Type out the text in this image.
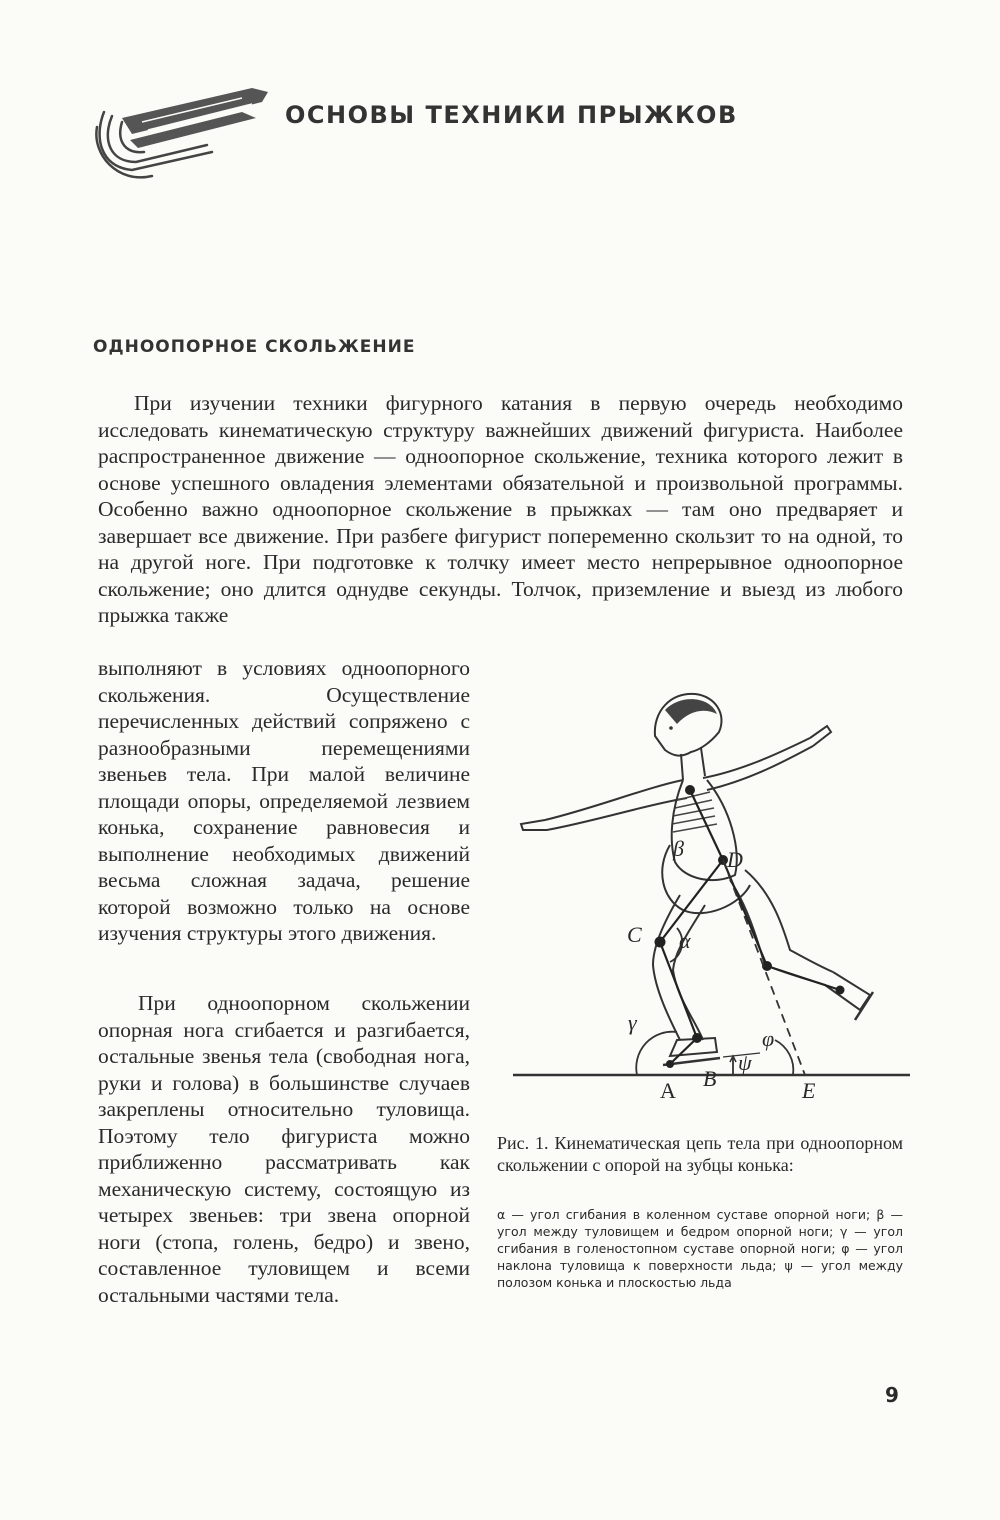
ОСНОВЫ ТЕХНИКИ ПРЫЖКОВ
ОДНООПОРНОЕ СКОЛЬЖЕНИЕ

При изучении техники фигурного катания в первую очередь необходимо исследовать кинематическую структуру важнейших движений фигуриста. Наиболее распространенное движение — одноопорное скольжение, техника которого лежит в основе успешного овладения элементами обязательной и произвольной программы. Особенно важно одноопорное скольжение в прыжках — там оно предваряет и завершает все движение. При разбеге фигурист попеременно скользит то на одной, то на другой ноге. При подготовке к толчку имеет место непрерывное одноопорное скольжение; оно длится однудве секунды. Толчок, приземление и выезд из любого прыжка также

выполняют в условиях одноопорного скольжения. Осуществление перечисленных действий сопряжено с разнообразными перемещениями звеньев тела. При малой величине площади опоры, определяемой лезвием конька, сохранение равновесия и выполнение необходимых движений весьма сложная задача, решение которой возможно только на основе изучения структуры этого движения.

При одноопорном скольжении опорная нога сгибается и разгибается, остальные звенья тела (свободная нога, руки и голова) в большинстве случаев закреплены относительно туловища. Поэтому тело фигуриста можно приближенно рассматривать как механическую систему, состоящую из четырех звеньев: три звена опорной ноги (стопа, голень, бедро) и звено, составленное туловищем и всеми остальными частями тела.

β D
C α
γ
φ
ψ
A B	E

Рис. 1. Кинематическая цепь тела при одноопорном скольжении с опорой на зубцы конька:

α — угол сгибания в коленном суставе опорной ноги; β — угол между туловищем и бедром опорной ноги; γ — угол сгибания в голеностопном суставе опорной ноги; φ — угол наклона туловища к поверхности льда; ψ — угол между полозом конька и плоскостью льда

9
